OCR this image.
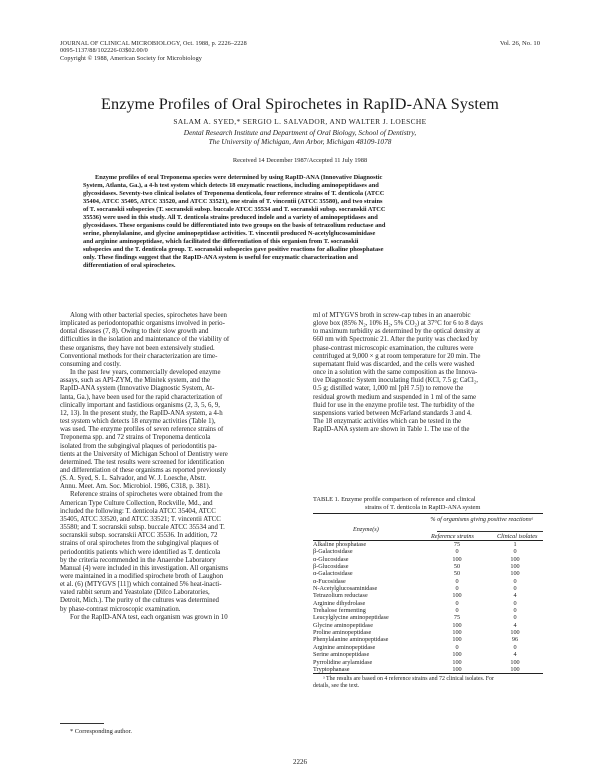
JOURNAL OF CLINICAL MICROBIOLOGY, Oct. 1988, p. 2226–2228
0095-1137/88/102226-03$02.00/0
Copyright © 1988, American Society for Microbiology
Vol. 26, No. 10
Enzyme Profiles of Oral Spirochetes in RapID-ANA System
SALAM A. SYED,* SERGIO L. SALVADOR, AND WALTER J. LOESCHE
Dental Research Institute and Department of Oral Biology, School of Dentistry,
The University of Michigan, Ann Arbor, Michigan 48109-1078
Received 14 December 1987/Accepted 11 July 1988
Enzyme profiles of oral Treponema species were determined by using RapID-ANA (Innovative Diagnostic
System, Atlanta, Ga.), a 4-h test system which detects 18 enzymatic reactions, including aminopeptidases and
glycosidases. Seventy-two clinical isolates of Treponema denticola, four reference strains of T. denticola (ATCC
35404, ATCC 35405, ATCC 33520, and ATCC 33521), one strain of T. vincentii (ATCC 35580), and two strains
of T. socranskii subspecies (T. socranskii subsp. buccale ATCC 35534 and T. socranskii subsp. socranskii ATCC
35536) were used in this study. All T. denticola strains produced indole and a variety of aminopeptidases and
glycosidases. These organisms could be differentiated into two groups on the basis of tetrazolium reductase and
serine, phenylalanine, and glycine aminopeptidase activities. T. vincentii produced N-acetylglucosaminidase
and arginine aminopeptidase, which facilitated the differentiation of this organism from T. socranskii
subspecies and the T. denticola group. T. socranskii subspecies gave positive reactions for alkaline phosphatase
only. These findings suggest that the RapID-ANA system is useful for enzymatic characterization and
differentiation of oral spirochetes.
Along with other bacterial species, spirochetes have been
implicated as periodontopathic organisms involved in perio-
dontal diseases (7, 8). Owing to their slow growth and
difficulties in the isolation and maintenance of the viability of
these organisms, they have not been extensively studied.
Conventional methods for their characterization are time-
consuming and costly.
In the past few years, commercially developed enzyme
assays, such as API-ZYM, the Minitek system, and the
RapID-ANA system (Innovative Diagnostic System, At-
lanta, Ga.), have been used for the rapid characterization of
clinically important and fastidious organisms (2, 3, 5, 6, 9,
12, 13). In the present study, the RapID-ANA system, a 4-h
test system which detects 18 enzyme activities (Table 1),
was used. The enzyme profiles of seven reference strains of
Treponema spp. and 72 strains of Treponema denticola
isolated from the subgingival plaques of periodontitis pa-
tients at the University of Michigan School of Dentistry were
determined. The test results were screened for identification
and differentiation of these organisms as reported previously
(S. A. Syed, S. L. Salvador, and W. J. Loesche, Abstr.
Annu. Meet. Am. Soc. Microbiol. 1986, C318, p. 381).
Reference strains of spirochetes were obtained from the
American Type Culture Collection, Rockville, Md., and
included the following: T. denticola ATCC 35404, ATCC
35405, ATCC 33520, and ATCC 33521; T. vincentii ATCC
35580; and T. socranskii subsp. buccale ATCC 35534 and T.
socranskii subsp. socranskii ATCC 35536. In addition, 72
strains of oral spirochetes from the subgingival plaques of
periodontitis patients which were identified as T. denticola
by the criteria recommended in the Anaerobe Laboratory
Manual (4) were included in this investigation. All organisms
were maintained in a modified spirochete broth of Laughon
et al. (6) (MTYGVS [11]) which contained 5% heat-inacti-
vated rabbit serum and Yeastolate (Difco Laboratories,
Detroit, Mich.). The purity of the cultures was determined
by phase-contrast microscopic examination.
For the RapID-ANA test, each organism was grown in 10
ml of MTYGVS broth in screw-cap tubes in an anaerobic
glove box (85% N₂, 10% H₂, 5% CO₂) at 37°C for 6 to 8 days
to maximum turbidity as determined by the optical density at
660 nm with Spectronic 21. After the purity was checked by
phase-contrast microscopic examination, the cultures were
centrifuged at 9,000 × g at room temperature for 20 min. The
supernatant fluid was discarded, and the cells were washed
once in a solution with the same composition as the Innova-
tive Diagnostic System inoculating fluid (KCl, 7.5 g; CaCl₂,
0.5 g; distilled water, 1,000 ml [pH 7.5]) to remove the
residual growth medium and suspended in 1 ml of the same
fluid for use in the enzyme profile test. The turbidity of the
suspensions varied between McFarland standards 3 and 4.
The 18 enzymatic activities which can be tested in the
RapID-ANA system are shown in Table 1. The use of the
TABLE 1. Enzyme profile comparison of reference and clinical
strains of T. denticola in RapID-ANA system
Enzyme(s)
% of organisms giving positive reactionsᵃ
Reference strains	Clinical isolates
Alkaline phosphatase	75	1
β-Galactosidase	0	0
α-Glucosidase	100	100
β-Glucosidase	50	100
α-Galactosidase	50	100
α-Fucosidase	0	0
N-Acetylglucosaminidase	0	0
Tetrazolium reductase	100	4
Arginine dihydrolase	0	0
Trehalose fermenting	0	0
Leucylglycine aminopeptidase	75	0
Glycine aminopeptidase	100	4
Proline aminopeptidase	100	100
Phenylalanine aminopeptidase	100	96
Arginine aminopeptidase	0	0
Serine aminopeptidase	100	4
Pyrrolidine arylamidase	100	100
Tryptophanase	100	100
ᵃ The results are based on 4 reference strains and 72 clinical isolates. For
details, see the text.
* Corresponding author.
2226
